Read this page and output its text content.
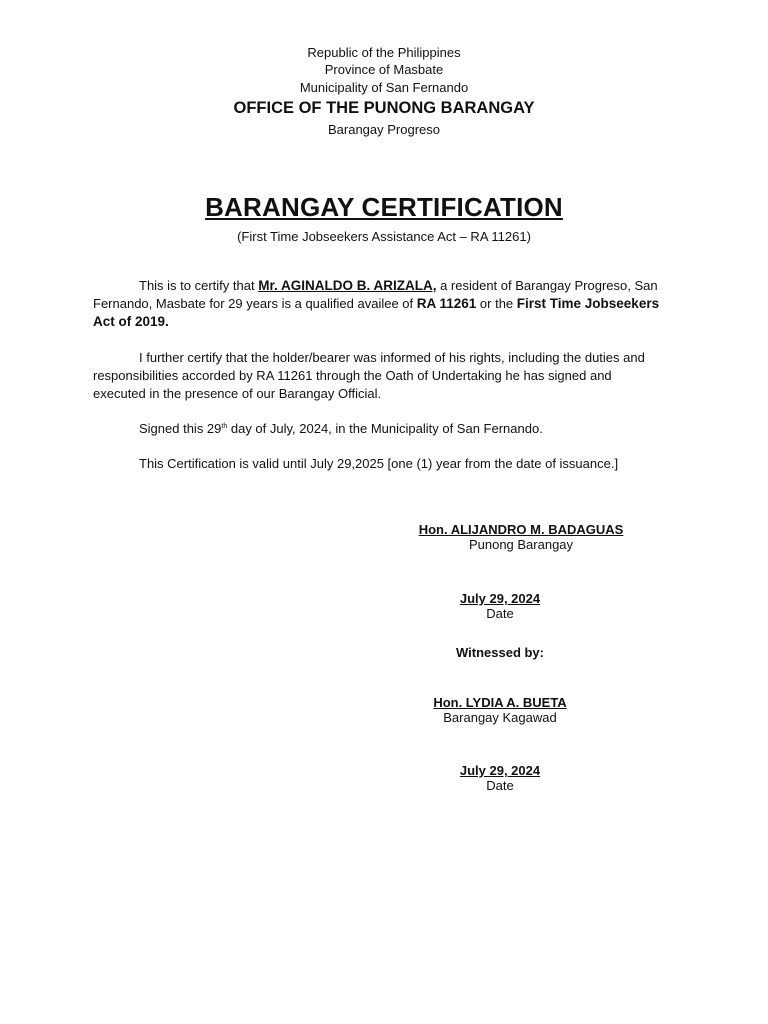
Republic of the Philippines
Province of Masbate
Municipality of San Fernando
OFFICE OF THE PUNONG BARANGAY
Barangay Progreso
BARANGAY CERTIFICATION
(First Time Jobseekers Assistance Act – RA 11261)

This is to certify that Mr. AGINALDO B. ARIZALA, a resident of Barangay Progreso, San Fernando, Masbate for 29 years is a qualified availee of RA 11261 or the First Time Jobseekers Act of 2019.

I further certify that the holder/bearer was informed of his rights, including the duties and responsibilities accorded by RA 11261 through the Oath of Undertaking he has signed and executed in the presence of our Barangay Official.

Signed this 29th day of July, 2024, in the Municipality of San Fernando.

This Certification is valid until July 29,2025 [one (1) year from the date of issuance.]

Hon. ALIJANDRO M. BADAGUAS
Punong Barangay
July 29, 2024
Date
Witnessed by:
Hon. LYDIA A. BUETA
Barangay Kagawad
July 29, 2024
Date
